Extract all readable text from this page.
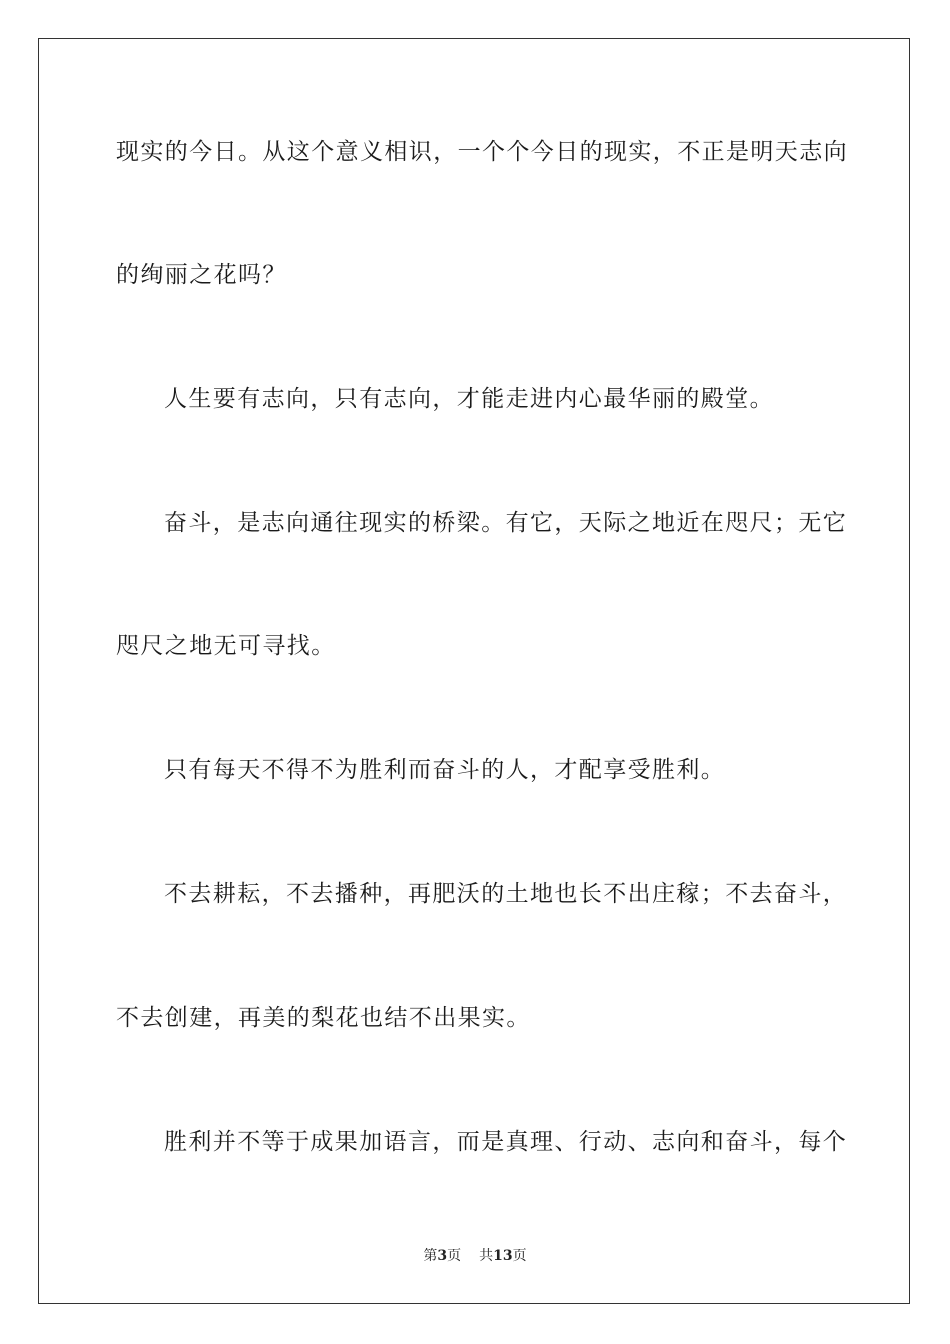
现实的今日。从这个意义相识，一个个今日的现实，不正是明天志向
的绚丽之花吗？
人生要有志向，只有志向，才能走进内心最华丽的殿堂。
奋斗，是志向通往现实的桥梁。有它，天际之地近在咫尺；无它
咫尺之地无可寻找。
只有每天不得不为胜利而奋斗的人，才配享受胜利。
不去耕耘，不去播种，再肥沃的土地也长不出庄稼；不去奋斗，
不去创建，再美的梨花也结不出果实。
胜利并不等于成果加语言，而是真理、行动、志向和奋斗，每个
第3页 共13页
